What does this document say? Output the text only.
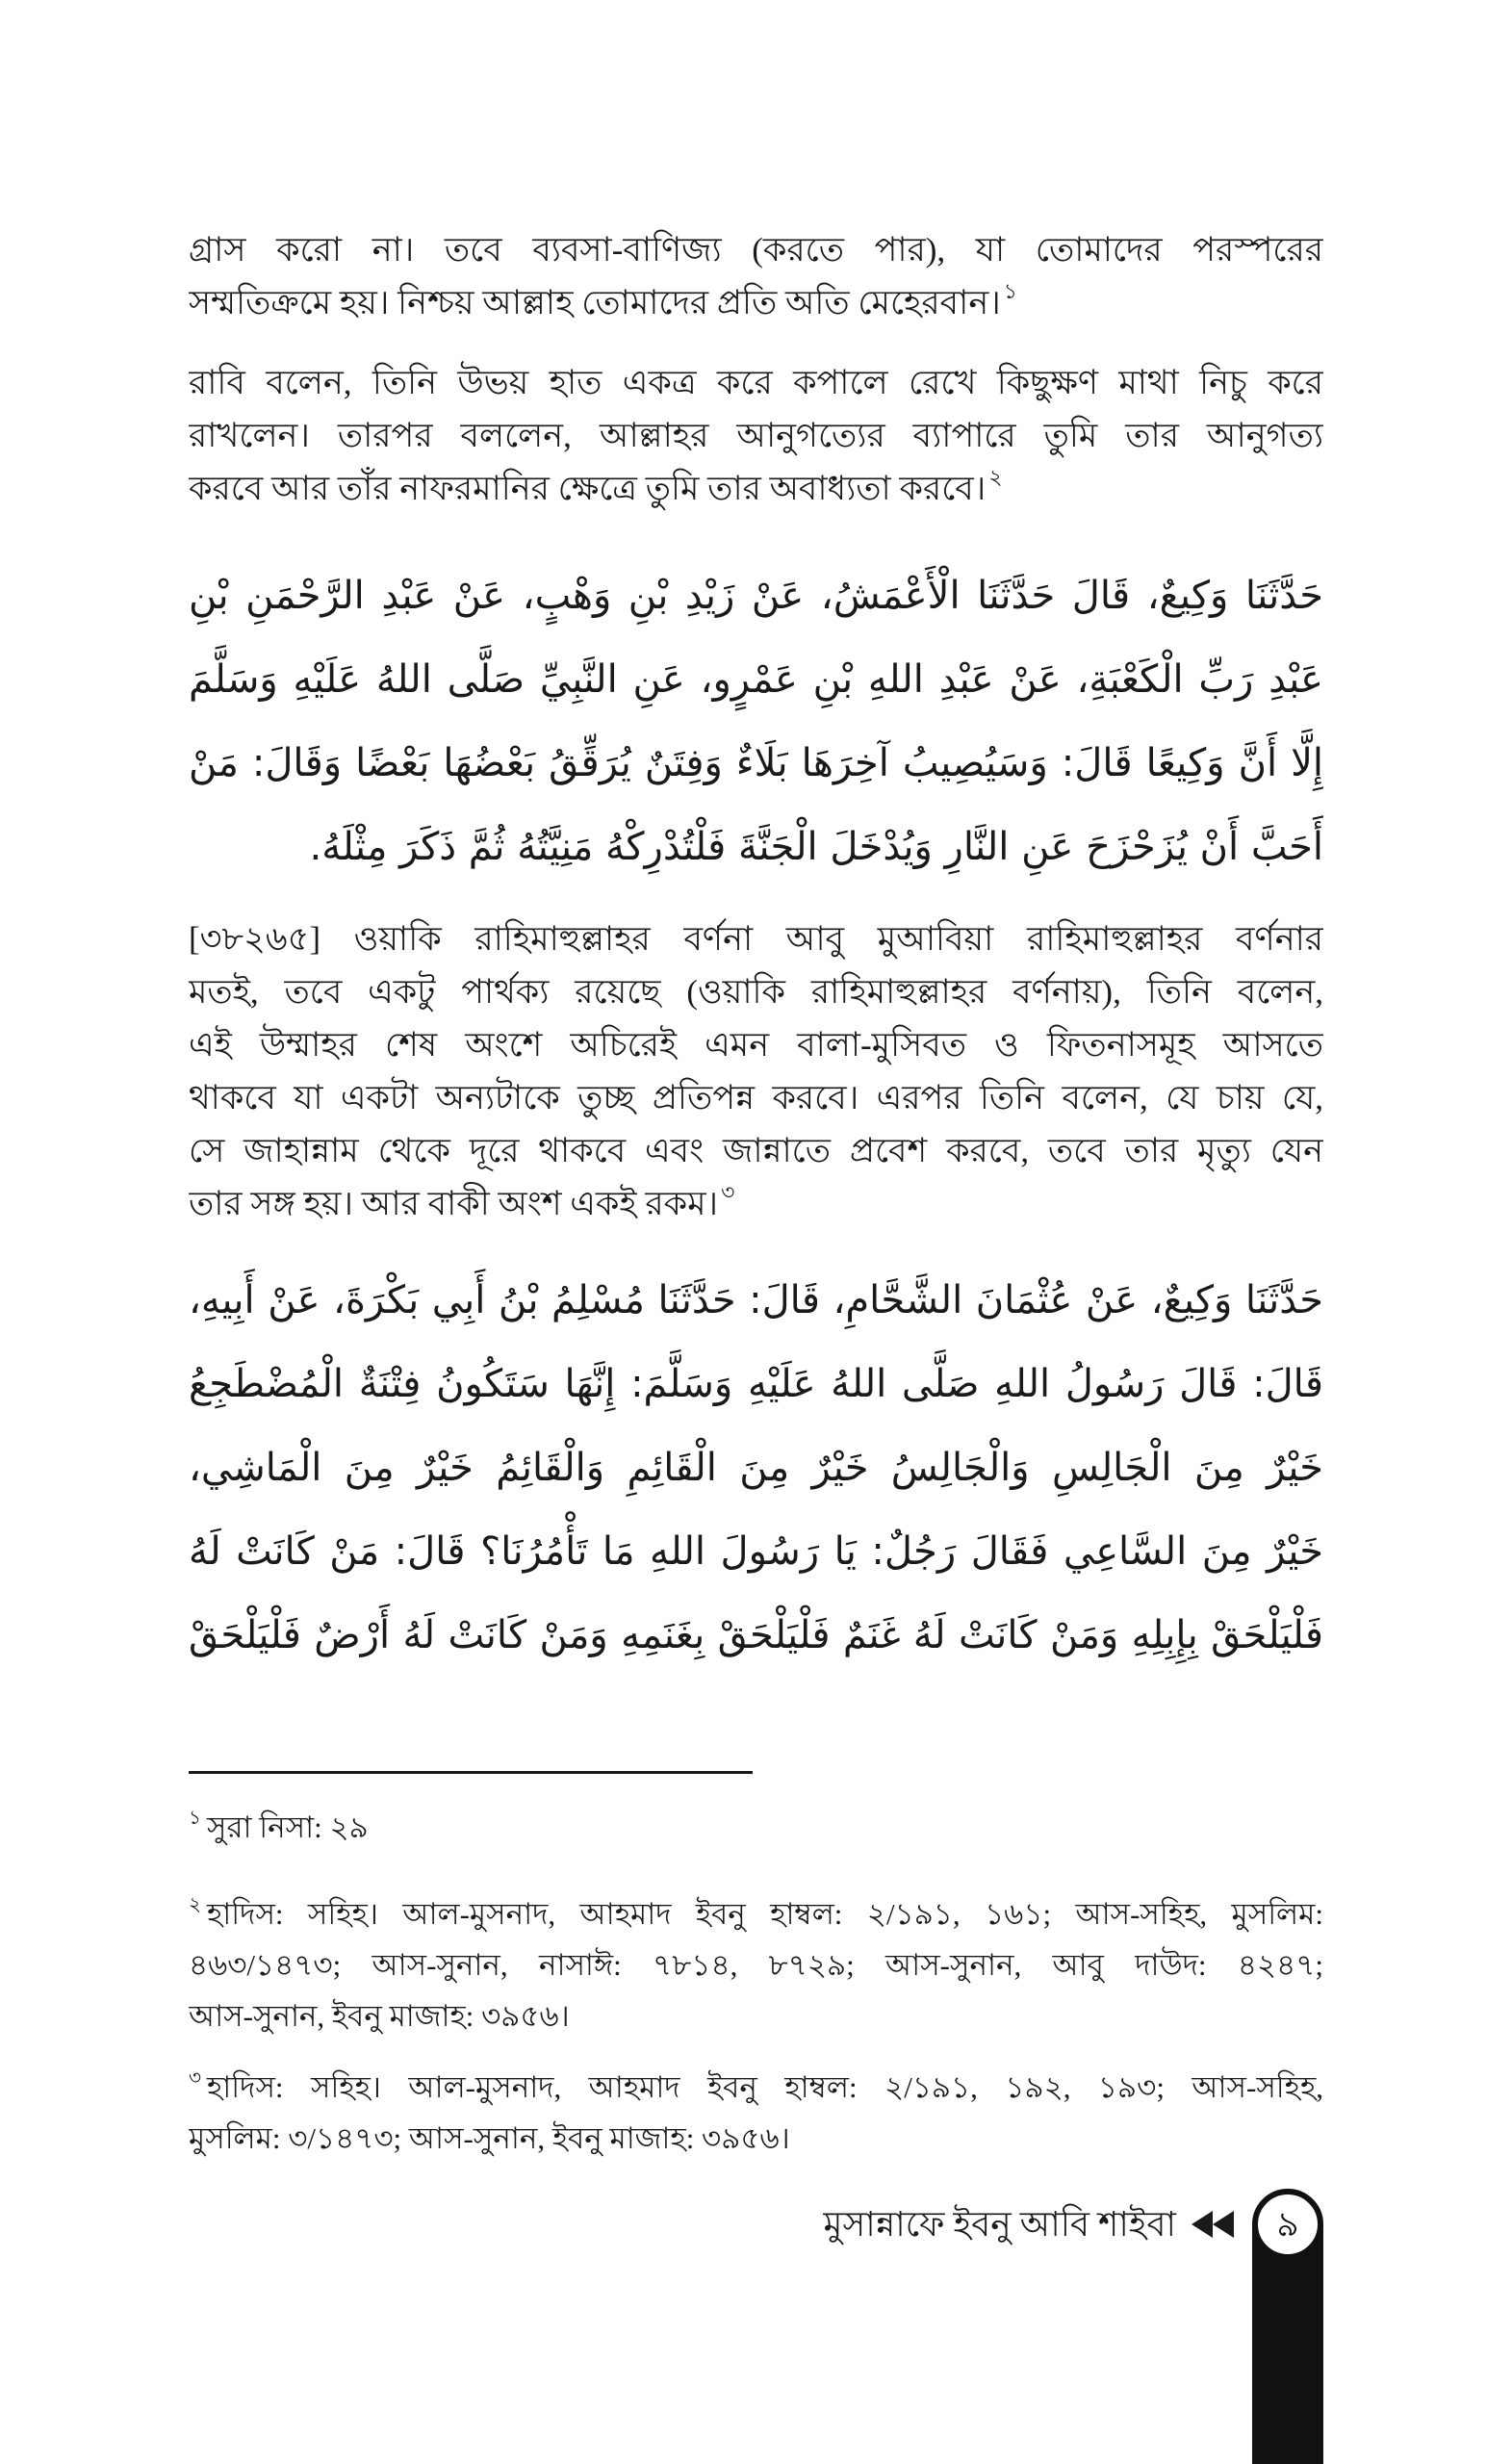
গ্রাস করো না। তবে ব্যবসা-বাণিজ্য (করতে পার), যা তোমাদের পরস্পরের
সম্মতিক্রমে হয়। নিশ্চয় আল্লাহ তোমাদের প্রতি অতি মেহেরবান। $^১$
রাবি বলেন, তিনি উভয় হাত একত্র করে কপালে রেখে কিছুক্ষণ মাথা নিচু করে
রাখলেন। তারপর বললেন, আল্লাহর আনুগত্যের ব্যাপারে তুমি তার আনুগত্য
করবে আর তাঁর নাফরমানির ক্ষেত্রে তুমি তার অবাধ্যতা করবে। $^২$
حَدَّثَنَا وَكِيعٌ، قَالَ حَدَّثَنَا الْأَعْمَشُ، عَنْ زَيْدِ بْنِ وَهْبٍ، عَنْ عَبْدِ الرَّحْمَنِ بْنِ
عَبْدِ رَبِّ الْكَعْبَةِ، عَنْ عَبْدِ اللهِ بْنِ عَمْرٍو، عَنِ النَّبِيِّ صَلَّى اللهُ عَلَيْهِ وَسَلَّمَ
إِلَّا أَنَّ وَكِيعًا قَالَ: وَسَيُصِيبُ آخِرَهَا بَلَاءٌ وَفِتَنٌ يُرَقِّقُ بَعْضُهَا بَعْضًا وَقَالَ: مَنْ
أَحَبَّ أَنْ يُزَحْزَحَ عَنِ النَّارِ وَيُدْخَلَ الْجَنَّةَ فَلْتُدْرِكْهُ مَنِيَّتُهُ ثُمَّ ذَكَرَ مِثْلَهُ.
[৩৮২৬৫] ওয়াকি রাহিমাহুল্লাহর বর্ণনা আবু মুআবিয়া রাহিমাহুল্লাহর বর্ণনার
মতই, তবে একটু পার্থক্য রয়েছে (ওয়াকি রাহিমাহুল্লাহর বর্ণনায়), তিনি বলেন,
এই উম্মাহর শেষ অংশে অচিরেই এমন বালা-মুসিবত ও ফিতনাসমূহ আসতে
থাকবে যা একটা অন্যটাকে তুচ্ছ প্রতিপন্ন করবে। এরপর তিনি বলেন, যে চায় যে,
সে জাহান্নাম থেকে দূরে থাকবে এবং জান্নাতে প্রবেশ করবে, তবে তার মৃত্যু যেন
তার সঙ্গ হয়। আর বাকী অংশ একই রকম। $^৩$
حَدَّثَنَا وَكِيعٌ، عَنْ عُثْمَانَ الشَّحَّامِ، قَالَ: حَدَّثَنَا مُسْلِمُ بْنُ أَبِي بَكْرَةَ، عَنْ أَبِيهِ،
قَالَ: قَالَ رَسُولُ اللهِ صَلَّى اللهُ عَلَيْهِ وَسَلَّمَ: إِنَّهَا سَتَكُونُ فِتْنَةٌ الْمُضْطَجِعُ
خَيْرٌ مِنَ الْجَالِسِ وَالْجَالِسُ خَيْرٌ مِنَ الْقَائِمِ وَالْقَائِمُ خَيْرٌ مِنَ الْمَاشِي،
خَيْرٌ مِنَ السَّاعِي فَقَالَ رَجُلٌ: يَا رَسُولَ اللهِ مَا تَأْمُرُنَا؟ قَالَ: مَنْ كَانَتْ لَهُ
فَلْيَلْحَقْ بِإِبِلِهِ وَمَنْ كَانَتْ لَهُ غَنَمٌ فَلْيَلْحَقْ بِغَنَمِهِ وَمَنْ كَانَتْ لَهُ أَرْضٌ فَلْيَلْحَقْ
$^১$ সুরা নিসা: ২৯
$^২$ হাদিস: সহিহ। আল-মুসনাদ, আহমাদ ইবনু হাম্বল: ২/১৯১, ১৬১; আস-সহিহ, মুসলিম:
৪৬৩/১৪৭৩; আস-সুনান, নাসাঈ: ৭৮১৪, ৮৭২৯; আস-সুনান, আবু দাউদ: ৪২৪৭;
আস-সুনান, ইবনু মাজাহ: ৩৯৫৬।
$^৩$ হাদিস: সহিহ। আল-মুসনাদ, আহমাদ ইবনু হাম্বল: ২/১৯১, ১৯২, ১৯৩; আস-সহিহ,
মুসলিম: ৩/১৪৭৩; আস-সুনান, ইবনু মাজাহ: ৩৯৫৬।
মুসান্নাফে ইবনু আবি শাইবা	৯
